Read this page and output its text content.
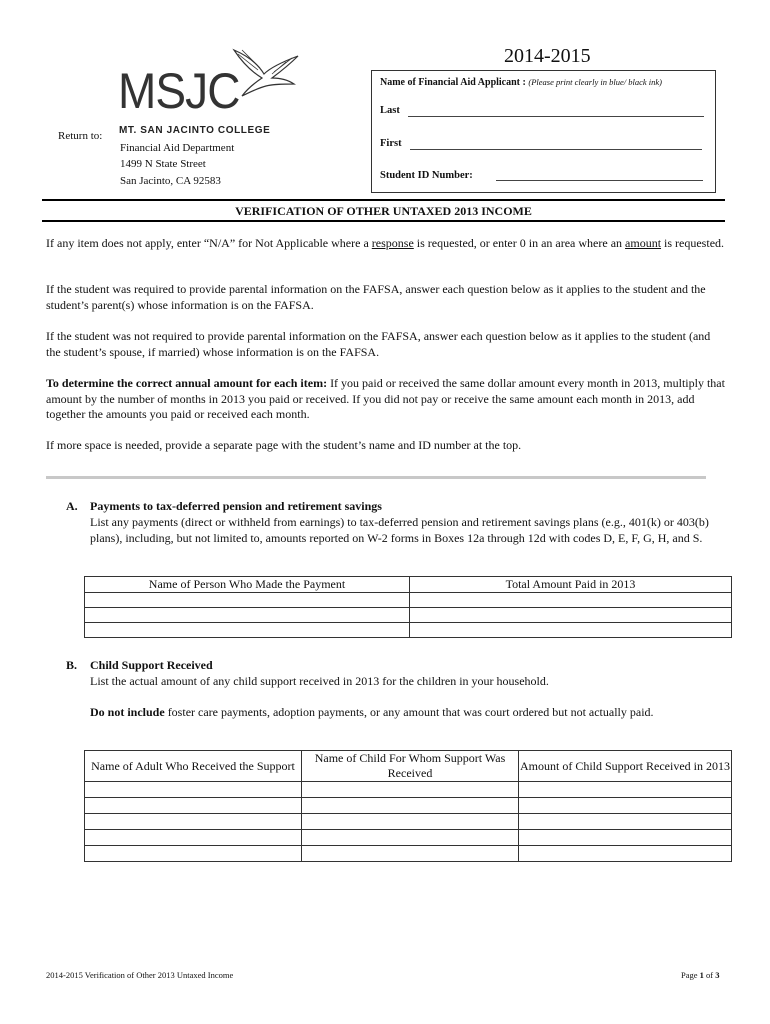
2014-2015
MSJC
MT. SAN JACINTO COLLEGE
Return to:
Financial Aid Department
1499 N State Street
San Jacinto, CA 92583
Name of Financial Aid Applicant : (Please print clearly in blue/ black ink)
Last
First
Student ID Number:
VERIFICATION OF OTHER UNTAXED 2013 INCOME
If any item does not apply, enter “N/A” for Not Applicable where a response is requested, or enter 0 in an area where an amount is requested.
If the student was required to provide parental information on the FAFSA, answer each question below as it applies to the student and the student’s parent(s) whose information is on the FAFSA.
If the student was not required to provide parental information on the FAFSA, answer each question below as it applies to the student (and the student’s spouse, if married) whose information is on the FAFSA.
To determine the correct annual amount for each item: If you paid or received the same dollar amount every month in 2013, multiply that amount by the number of months in 2013 you paid or received. If you did not pay or receive the same amount each month in 2013, add together the amounts you paid or received each month.
If more space is needed, provide a separate page with the student’s name and ID number at the top.
A. Payments to tax-deferred pension and retirement savings
List any payments (direct or withheld from earnings) to tax-deferred pension and retirement savings plans (e.g., 401(k) or 403(b) plans), including, but not limited to, amounts reported on W-2 forms in Boxes 12a through 12d with codes D, E, F, G, H, and S.
Name of Person Who Made the Payment	Total Amount Paid in 2013

B. Child Support Received
List the actual amount of any child support received in 2013 for the children in your household.
Do not include foster care payments, adoption payments, or any amount that was court ordered but not actually paid.
Name of Adult Who Received the Support	Name of Child For Whom Support Was Received	Amount of Child Support Received in 2013

2014-2015 Verification of Other 2013 Untaxed Income	Page 1 of 3
